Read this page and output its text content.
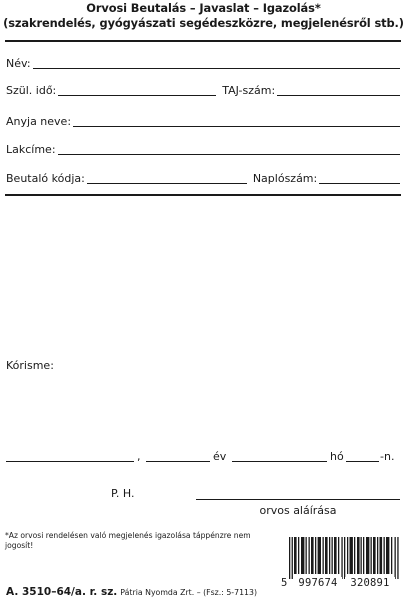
Orvosi Beutalás – Javaslat – Igazolás*
(szakrendelés, gyógyászati segédeszközre, megjelenésről stb.)
Név:
Szül. idő:	TAJ-szám:
Anyja neve:
Lakcíme:
Beutaló kódja:	Naplószám:
Kórisme:
,	év	hó	-n.
P. H.
orvos aláírása
*Az orvosi rendelésen való megjelenés igazolása táppénzre nem jogosít!
A. 3510–64/a. r. sz. Pátria Nyomda Zrt. – (Fsz.: 5-7113)
5	997674	320891
